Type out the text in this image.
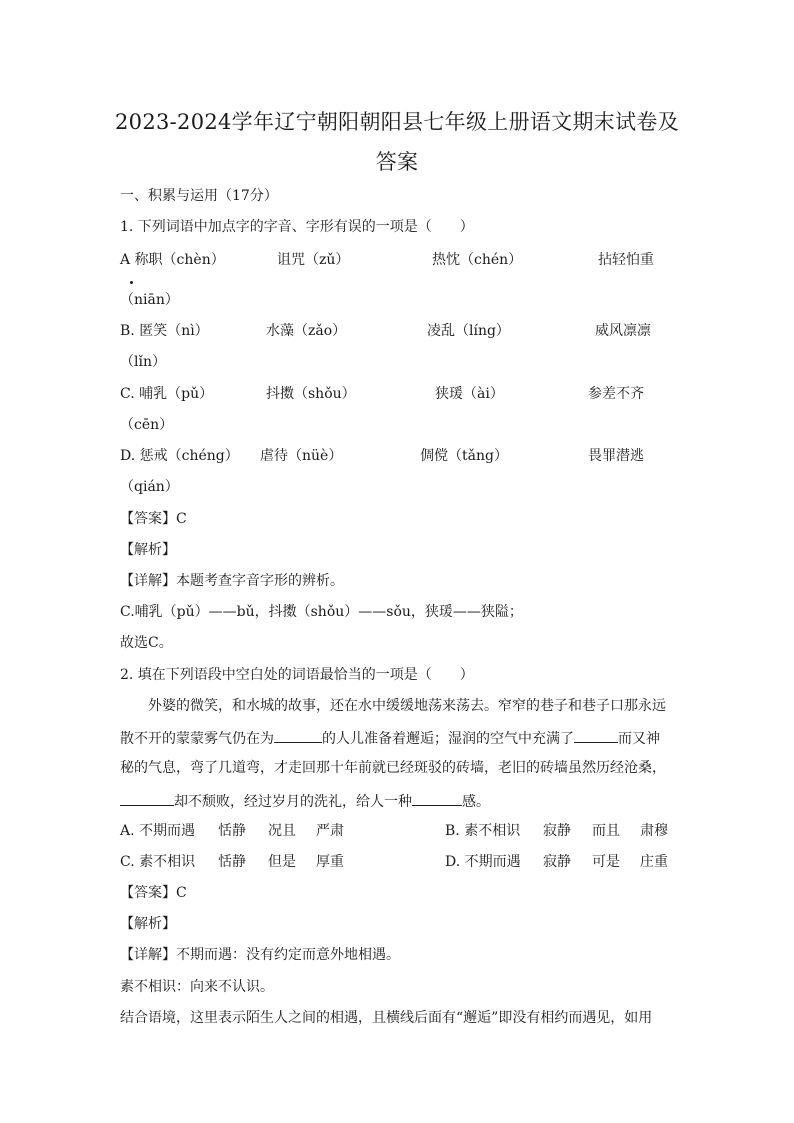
2023-2024学年辽宁朝阳朝阳县七年级上册语文期末试卷及
答案
一、积累与运用（17分）
1. 下列词语中加点字的字音、字形有误的一项是（　　）
A 称职（chèn）	诅咒（zǔ）	热忱（chén）	拈轻怕重
（niān）
B. 匿笑（nì）	水藻（zǎo）	凌乱（líng）	威风凛凛
（lǐn）
C. 哺乳（pǔ）	抖擞（shǒu）	狭瑗（ài）	参差不齐
（cēn）
D. 惩戒（chéng） 虐待（nüè）	倜傥（tǎng）	畏罪潜逃
（qián）
【答案】C
【解析】
【详解】本题考查字音字形的辨析。
C.哺乳（pǔ）——bǔ，抖擞（shǒu）——sǒu，狭瑗——狭隘；
故选C。
2. 填在下列语段中空白处的词语最恰当的一项是（　　）
外婆的微笑，和水城的故事，还在水中缓缓地荡来荡去。窄窄的巷子和巷子口那永远
散不开的蒙蒙雾气仍在为	的人儿准备着邂逅；湿润的空气中充满了	而又神
秘的气息，弯了几道弯，才走回那十年前就已经斑驳的砖墙，老旧的砖墙虽然历经沧桑，
却不颓败，经过岁月的洗礼，给人一种	感。
A. 不期而遇 恬静 况且 严肃	B. 素不相识 寂静 而且 肃穆
C. 素不相识 恬静 但是 厚重	D. 不期而遇 寂静 可是 庄重
【答案】C
【解析】
【详解】不期而遇：没有约定而意外地相遇。
素不相识：向来不认识。
结合语境，这里表示陌生人之间的相遇，且横线后面有“邂逅”即没有相约而遇见，如用
